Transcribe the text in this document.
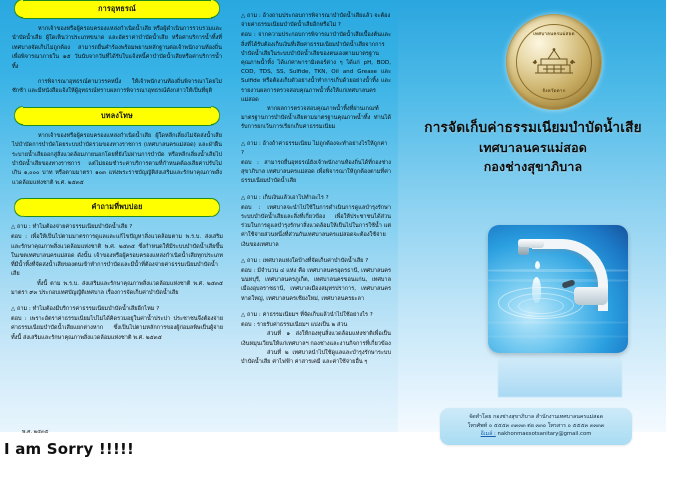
การอุทธรณ์

หากเจ้าของหรือผู้ครอบครองแหล่งกำเนิดน้ำเสีย หรือผู้ดำเนินการรวบรวมและนำบัดน้ำเสีย ผู้ใดเห็นว่าประเภทขนาด และอัตราค่าบำบัดน้ำเสีย หรือค่าบริการน้ำทิ้งที่เทศบาลจัดเก็บไม่ถูกต้อง สามารถยื่นคำร้องพร้อมพยานหลักฐานต่อเจ้าพนักงานท้องถิ่นเพื่อพิจารณาภายใน ๑๕ วันนับจากวันที่ได้รับใบแจ้งหนี้ค่าบำบัดน้ำเสียหรือค่าบริการน้ำทิ้ง

การพิจารณาอุทธรณ์ตามวรรคหนึ่ง ให้เจ้าพนักงานท้องถิ่นพิจารณาโดยไม่ชักช้า และมีหนังสือแจ้งให้ผู้อุทธรณ์ทราบผลการพิจารณาอุทธรณ์ดังกล่าวให้เป็นที่ยุติ

บทลงโทษ

หากเจ้าของหรือผู้ครอบครองแหล่งกำเนิดน้ำเสีย ผู้ใดหลีกเลี่ยงไม่จัดส่งน้ำเสียไปบำบัดการบำบัดโดยระบบบำบัดรวมของทางราชการ (เทศบาลนครแม่สอด) และฝ่าฝืนระบายน้ำเสียออกสู่สิ่งแวดล้อมภายนอกโดยที่ยังไม่ผ่านการบำบัด หรือหลีกเลี่ยงน้ำเสียไปบำบัดน้ำเสียของทางราชการ แต่ไม่ยอมชำระค่าบริการตามที่กำหนดต้องเสียค่าปรับไม่เกิน ๑,๐๐๐ บาท หรือตามมาตรา ๑๐๓ แห่งพระราชบัญญัติส่งเสริมและรักษาคุณภาพสิ่งแวดล้อมแห่งชาติ พ.ศ. ๒๕๓๕

คำถามที่พบบ่อย

△ ถาม : ทำไมต้องจ่ายค่าธรรมเนียมบำบัดน้ำเสีย ?

ตอบ : เพื่อให้เป็นไปตามมาตรการดูแลและแก้ไขปัญหาสิ่งแวดล้อมตาม พ.ร.บ. ส่งเสริมและรักษาคุณภาพสิ่งแวดล้อมแห่งชาติ พ.ศ. ๒๕๓๕ ซึ่งกำหนดให้มีระบบบำบัดน้ำเสียขึ้นในเขตเทศบาลนครแม่สอด ดังนั้น เจ้าของหรือผู้ครอบครองแหล่งกำเนิดน้ำเสียทุกประเภทที่มีน้ำทิ้งที่จัดส่งน้ำเสียของตนเข้าทำการบำบัดและมีน้ำที่ต้องจ่ายค่าธรรมเนียมบำบัดน้ำเสีย
ทั้งนี้ ตาม พ.ร.บ. ส่งเสริมและรักษาคุณภาพสิ่งแวดล้อมแห่งชาติ พ.ศ. ๒๕๓๕ มาตรา ๙๓ ประกอบเทศบัญญัติเทศบาล เรื่องการจัดเก็บค่าบำบัดน้ำเสีย

△ ถาม : ทำไมต้องมีบริการค่าธรรมเนียมบำบัดน้ำเสียอีกไหม ?

ตอบ : เพราะอัตราค่าธรรมเนียมไปไม่ได้คิดรวมอยู่ในค่าน้ำประปา ประชาชนจึงต้องจ่ายค่าธรรมเนียมบำบัดน้ำเสียแยกต่างหาก ซึ่งเป็นไปตามหลักการของผู้ก่อมลพิษเป็นผู้จ่าย ทั้งนี้ ส่งเสริมและรักษาคุณภาพสิ่งแวดล้อมแห่งชาติ พ.ศ. ๒๕๓๕

△ ถาม : อ้างถามประกอบการพิจารณาบำบัดน้ำเสียแล้ว จะต้องจ่ายค่าธรรมเนียมบำบัดน้ำเสียอีกหรือไม่ ?

ตอบ : จากความประกอบการพิจารณาบำบัดน้ำเสียเบื้องต้นและสิ่งที่ได้รับต้องเก็บเงินที่เสียค่าธรรมเนียมบำบัดน้ำเสียจากการบำบัดน้ำเสียในระบบบำบัดน้ำเสียของตนเองตามมาตรฐานคุณภาพน้ำทิ้ง ได้แก่ค่าพารามิเตอร์ต่าง ๆ ได้แก่ pH, BOD, COD, TDS, SS, Sulfide, TKN, Oil and Grease และ Sulfide หรือต้องเก็บตัวอย่างน้ำทำการเก็บด้วยอย่างน้ำทิ้ง และรายงานผลการตรวจสอบคุณภาพน้ำทิ้งให้แก่เทศบาลนครแม่สอด
หากผลการตรวจสอบคุณภาพน้ำทิ้งที่ผ่านเกณฑ์มาตรฐานการบำบัดน้ำเสียตามมาตรฐานคุณภาพน้ำทิ้ง ท่านได้รับการยกเว้นการเรียกเก็บค่าธรรมเนียม

△ ถาม : อ้างถ้าค่าธรรมเนียม ไม่ถูกต้องจะทำอย่างไรให้ถูกค่า ?

ตอบ : สามารถยื่นอุทธรณ์ยังเจ้าพนักงานท้องถิ่นได้ที่กองช่างสุขาภิบาล เทศบาลนครแม่สอด เพื่อพิจารณาให้ถูกต้องตามที่ค่าธรรมเนียมบำบัดน้ำเสีย

△ ถาม : เก็บเงินแล้วเอาไปทำอะไร ?

ตอบ : เทศบาลจะนำไปใช้ในการดำเนินการดูแลบำรุงรักษาระบบบำบัดน้ำเสียและสิ่งที่เกี่ยวข้อง เพื่อให้ประชาชนได้ส่วนร่วมในการดูแลบำรุงรักษาสิ่งแวดล้อมให้เป็นไปในการใช้น้ำ แต่ค่าใช้จ่ายส่วนหนึ่งที่ส่วนกันเทศบาลนครแม่สอดจะต้องใช้จ่ายเงินของเทศบาล

△ ถาม : เทศบาลแห่งใดบ้างที่จัดเก็บค่าบำบัดน้ำเสีย ?

ตอบ : มีจำนวน ๔ แห่ง คือ เทศบาลนครอุดรธานี, เทศบาลนครนนทบุรี, เทศบาลนครภูเก็ต, เทศบาลนครขอนแก่น, เทศบาลเมืองอุบลราชธานี, เทศบาลเมืองสมุทรปราการ, เทศบาลนครหาดใหญ่, เทศบาลนครเชียงใหม่, เทศบาลนครยะลา

△ ถาม : ค่าธรรมเนียมฯ ที่จัดเก็บแล้วนำไปใช้อย่างไร ?

ตอบ : รายรับค่าธรรมเนียมฯ แบ่งเป็น ๒ ส่วน
ส่วนที่ ๑ ส่งให้กองทุนสิ่งแวดล้อมแห่งชาติเพื่อเป็นเงินหมุนเวียนให้แก่เทศบาลฯ กองช่างและงานกิจการที่เกี่ยวข้อง
ส่วนที่ ๒ เทศบาลนำไปใช้ดูแลและบำรุงรักษาระบบบำบัดน้ำเสีย ค่าไฟฟ้า ค่าสารเคมี และค่าใช้จ่ายอื่น ๆ

เทศบาลนครแม่สอด
จังหวัดตาก
การจัดเก็บค่าธรรมเนียมบำบัดน้ำเสีย
เทศบาลนครแม่สอด
กองช่างสุขาภิบาล
จัดทำโดย กองช่างสุขาภิบาล สำนักงานเทศบาลนครแม่สอด
โทรศัพท์ ๐ ๕๕๕๓ ๓๓๓๓ ต่อ ๓๓๐ โทรสาร ๐ ๕๕๕๓ ๓๓๓๓
อีเมล์ : nakhonmaesotsanitary@gmail.com
พ.ศ. ๒๕๓๕
I am Sorry !!!!!
